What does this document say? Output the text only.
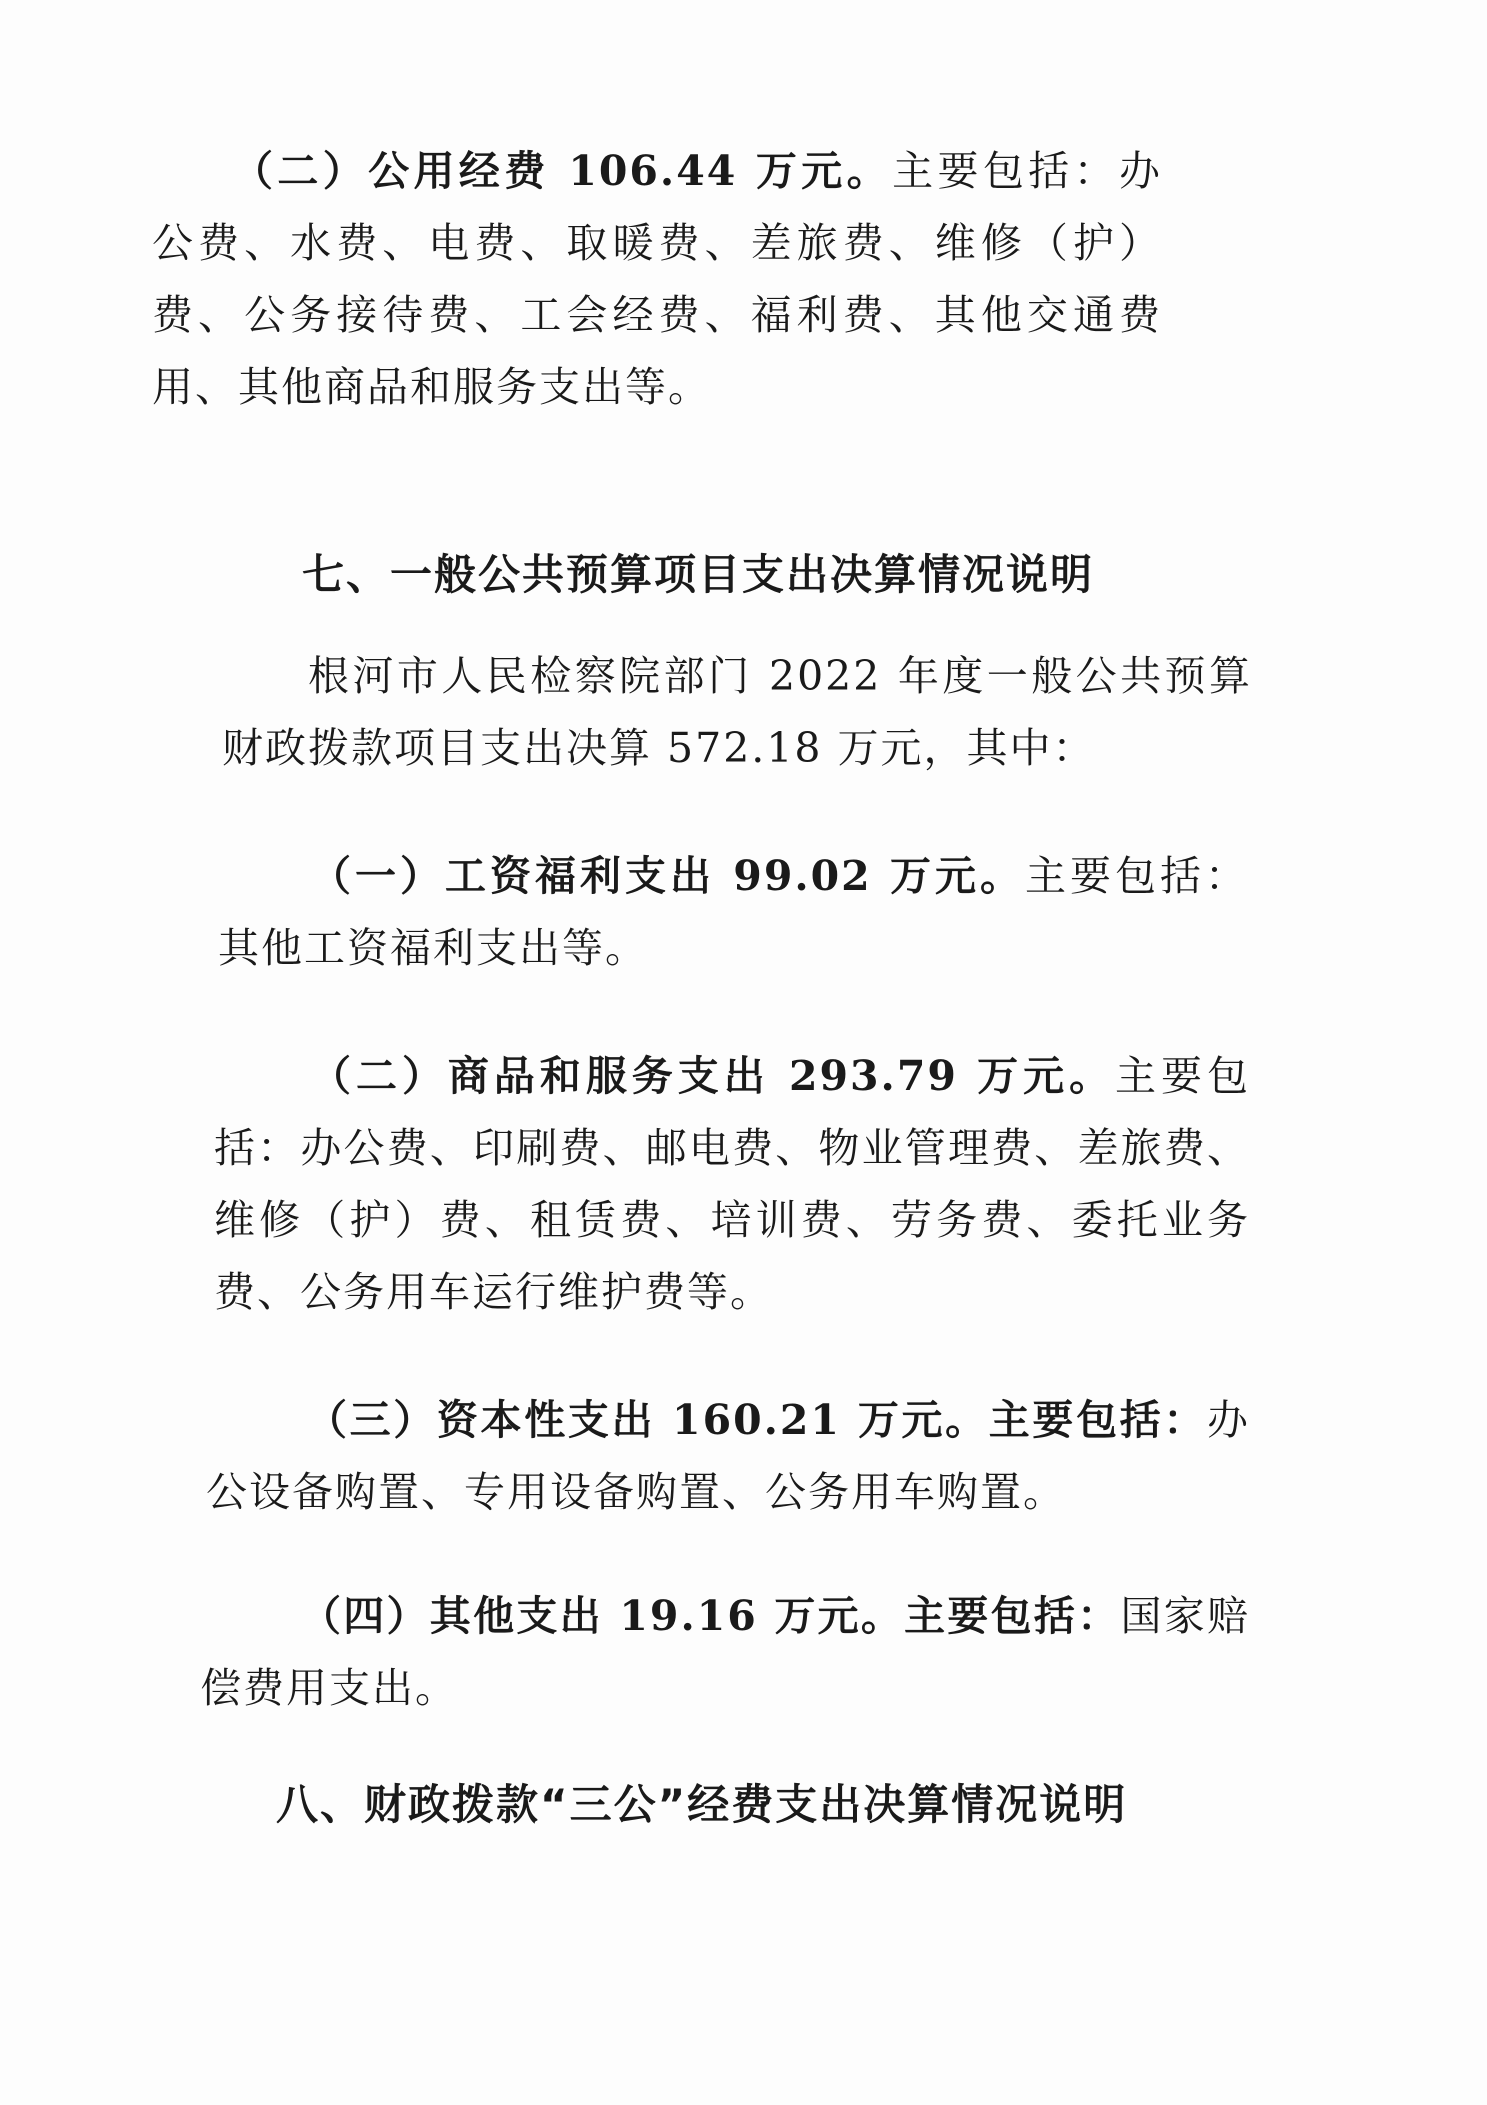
（二）公用经费 106.44 万元。主要包括：办公费、水费、电费、取暖费、差旅费、维修（护）费、公务接待费、工会经费、福利费、其他交通费用、其他商品和服务支出等。

七、一般公共预算项目支出决算情况说明

根河市人民检察院部门 2022 年度一般公共预算财政拨款项目支出决算 572.18 万元，其中：

（一）工资福利支出 99.02 万元。主要包括：其他工资福利支出等。

（二）商品和服务支出 293.79 万元。主要包括：办公费、印刷费、邮电费、物业管理费、差旅费、维修（护）费、租赁费、培训费、劳务费、委托业务费、公务用车运行维护费等。

（三）资本性支出 160.21 万元。主要包括：办公设备购置、专用设备购置、公务用车购置。

（四）其他支出 19.16 万元。主要包括：国家赔偿费用支出。

八、财政拨款“三公”经费支出决算情况说明
